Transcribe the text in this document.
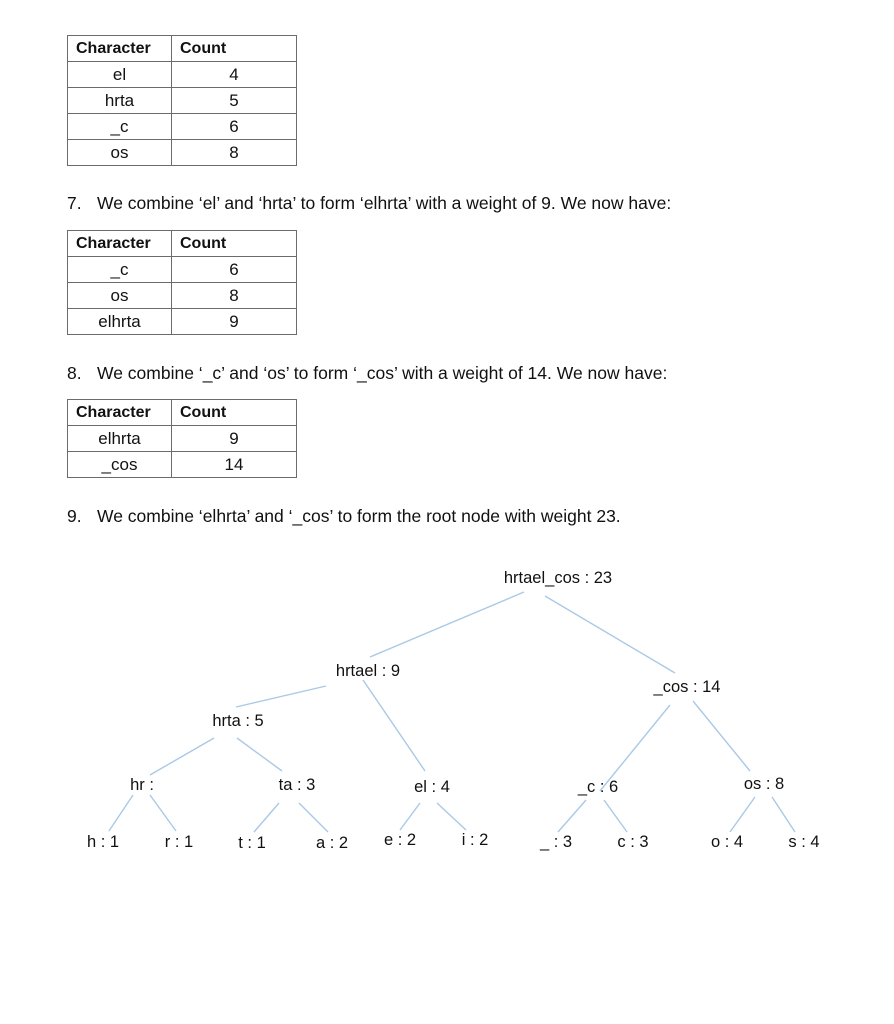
Character	Count
el	4
hrta	5
_c	6
os	8
7. We combine ‘el’ and ‘hrta’ to form ‘elhrta’ with a weight of 9. We now have:
Character	Count
_c	6
os	8
elhrta	9
8. We combine ‘_c’ and ‘os’ to form ‘_cos’ with a weight of 14. We now have:
Character	Count
elhrta	9
_cos	14
9. We combine ‘elhrta’ and ‘_cos’ to form the root node with weight 23.
hrtael_cos : 23
hrtael : 9
_cos : 14
hrta : 5
el : 4	_c : 6	os : 8
hr :	ta : 3
h : 1	r : 1	t : 1	a : 2 e : 2	i : 2	_ : 3	c : 3	o : 4	s : 4
